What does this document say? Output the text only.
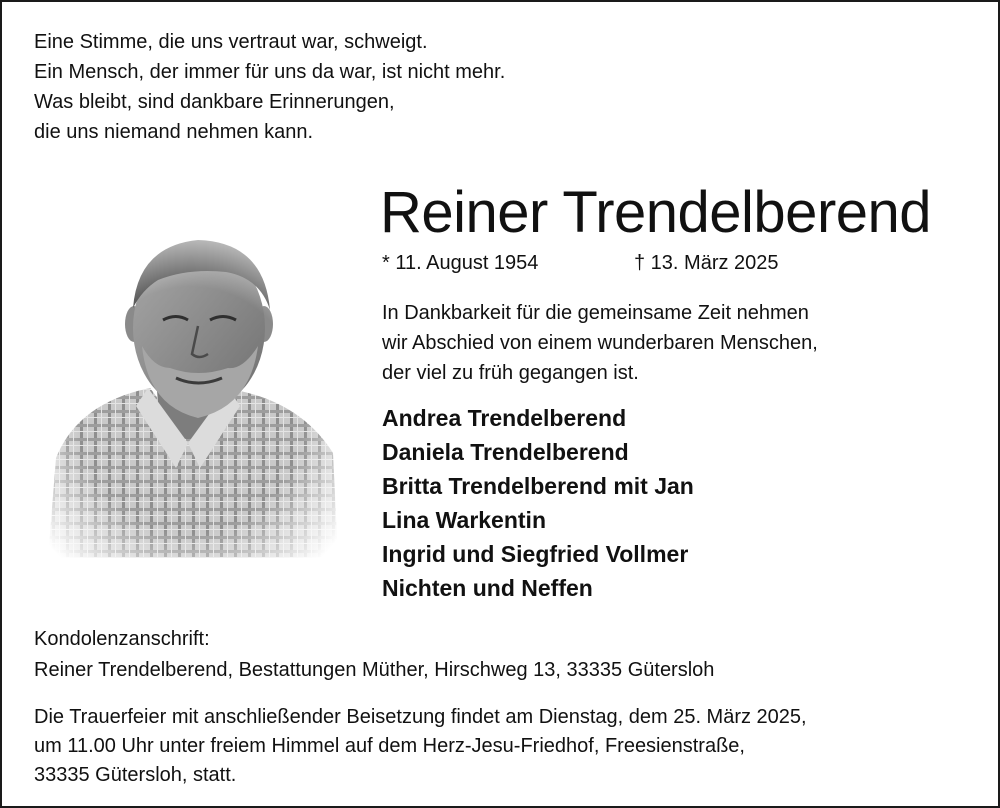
Eine Stimme, die uns vertraut war, schweigt.
Ein Mensch, der immer für uns da war, ist nicht mehr.
Was bleibt, sind dankbare Erinnerungen,
die uns niemand nehmen kann.

Reiner Trendelberend
* 11. August 1954	† 13. März 2025

In Dankbarkeit für die gemeinsame Zeit nehmen
wir Abschied von einem wunderbaren Menschen,
der viel zu früh gegangen ist.

Andrea Trendelberend
Daniela Trendelberend
Britta Trendelberend mit Jan
Lina Warkentin
Ingrid und Siegfried Vollmer
Nichten und Neffen

Kondolenzanschrift:
Reiner Trendelberend, Bestattungen Müther, Hirschweg 13, 33335 Gütersloh

Die Trauerfeier mit anschließender Beisetzung findet am Dienstag, dem 25. März 2025,
um 11.00 Uhr unter freiem Himmel auf dem Herz-Jesu-Friedhof, Freesienstraße,
33335 Gütersloh, statt.
